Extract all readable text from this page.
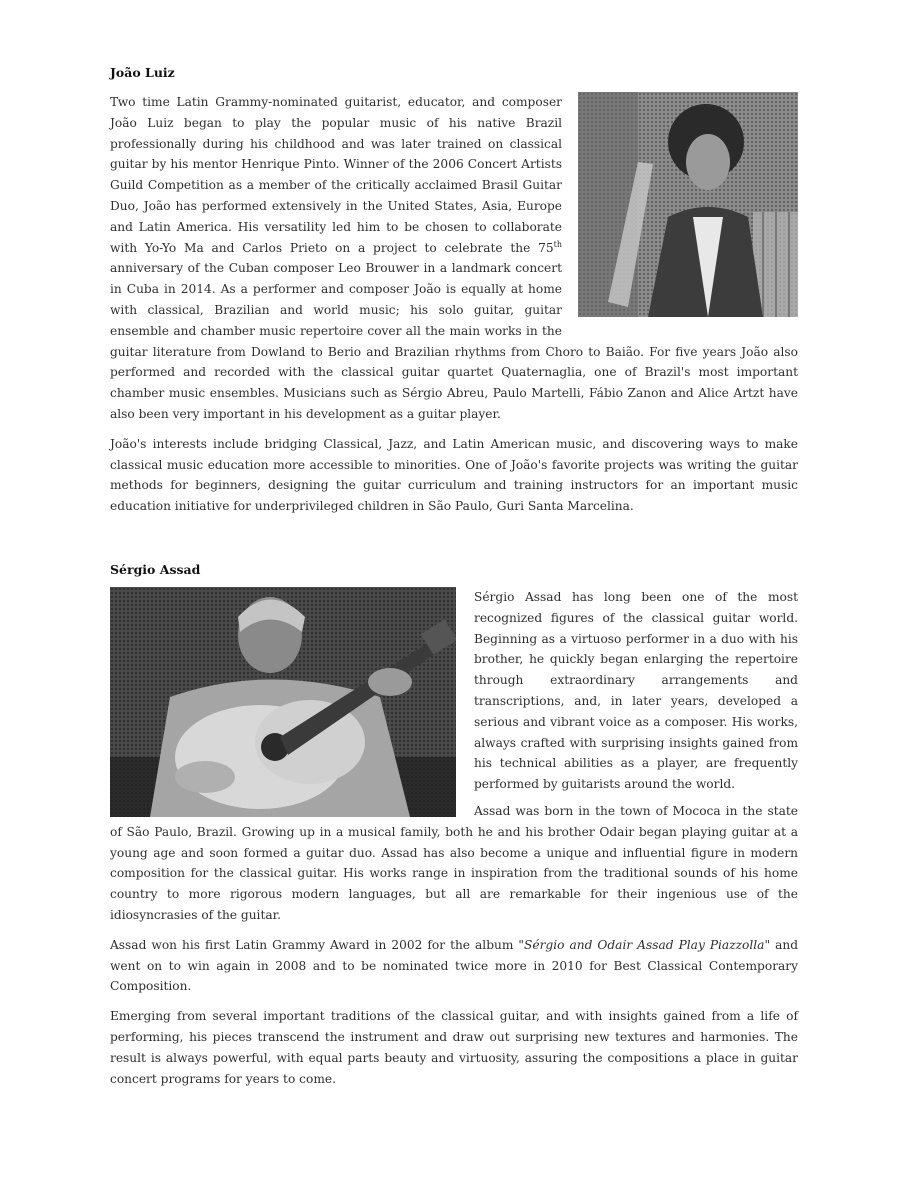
João Luiz

Two time Latin Grammy-nominated guitarist, educator, and composer João Luiz began to play the popular music of his native Brazil professionally during his childhood and was later trained on classical guitar by his mentor Henrique Pinto. Winner of the 2006 Concert Artists Guild Competition as a member of the critically acclaimed Brasil Guitar Duo, João has performed extensively in the United States, Asia, Europe and Latin America. His versatility led him to be chosen to collaborate with Yo-Yo Ma and Carlos Prieto on a project to celebrate the 75th anniversary of the Cuban composer Leo Brouwer in a landmark concert in Cuba in 2014. As a performer and composer João is equally at home with classical, Brazilian and world music; his solo guitar, guitar ensemble and chamber music repertoire cover all the main works in the guitar literature from Dowland to Berio and Brazilian rhythms from Choro to Baião. For five years João also performed and recorded with the classical guitar quartet Quaternaglia, one of Brazil's most important chamber music ensembles. Musicians such as Sérgio Abreu, Paulo Martelli, Fábio Zanon and Alice Artzt have also been very important in his development as a guitar player.

João's interests include bridging Classical, Jazz, and Latin American music, and discovering ways to make classical music education more accessible to minorities. One of João's favorite projects was writing the guitar methods for beginners, designing the guitar curriculum and training instructors for an important music education initiative for underprivileged children in São Paulo, Guri Santa Marcelina.

Sérgio Assad

Sérgio Assad has long been one of the most recognized figures of the classical guitar world. Beginning as a virtuoso performer in a duo with his brother, he quickly began enlarging the repertoire through extraordinary arrangements and transcriptions, and, in later years, developed a serious and vibrant voice as a composer. His works, always crafted with surprising insights gained from his technical abilities as a player, are frequently performed by guitarists around the world.

Assad was born in the town of Mococa in the state of São Paulo, Brazil. Growing up in a musical family, both he and his brother Odair began playing guitar at a young age and soon formed a guitar duo. Assad has also become a unique and influential figure in modern composition for the classical guitar. His works range in inspiration from the traditional sounds of his home country to more rigorous modern languages, but all are remarkable for their ingenious use of the idiosyncrasies of the guitar.

Assad won his first Latin Grammy Award in 2002 for the album "Sérgio and Odair Assad Play Piazzolla" and went on to win again in 2008 and to be nominated twice more in 2010 for Best Classical Contemporary Composition.

Emerging from several important traditions of the classical guitar, and with insights gained from a life of performing, his pieces transcend the instrument and draw out surprising new textures and harmonies. The result is always powerful, with equal parts beauty and virtuosity, assuring the compositions a place in guitar concert programs for years to come.
